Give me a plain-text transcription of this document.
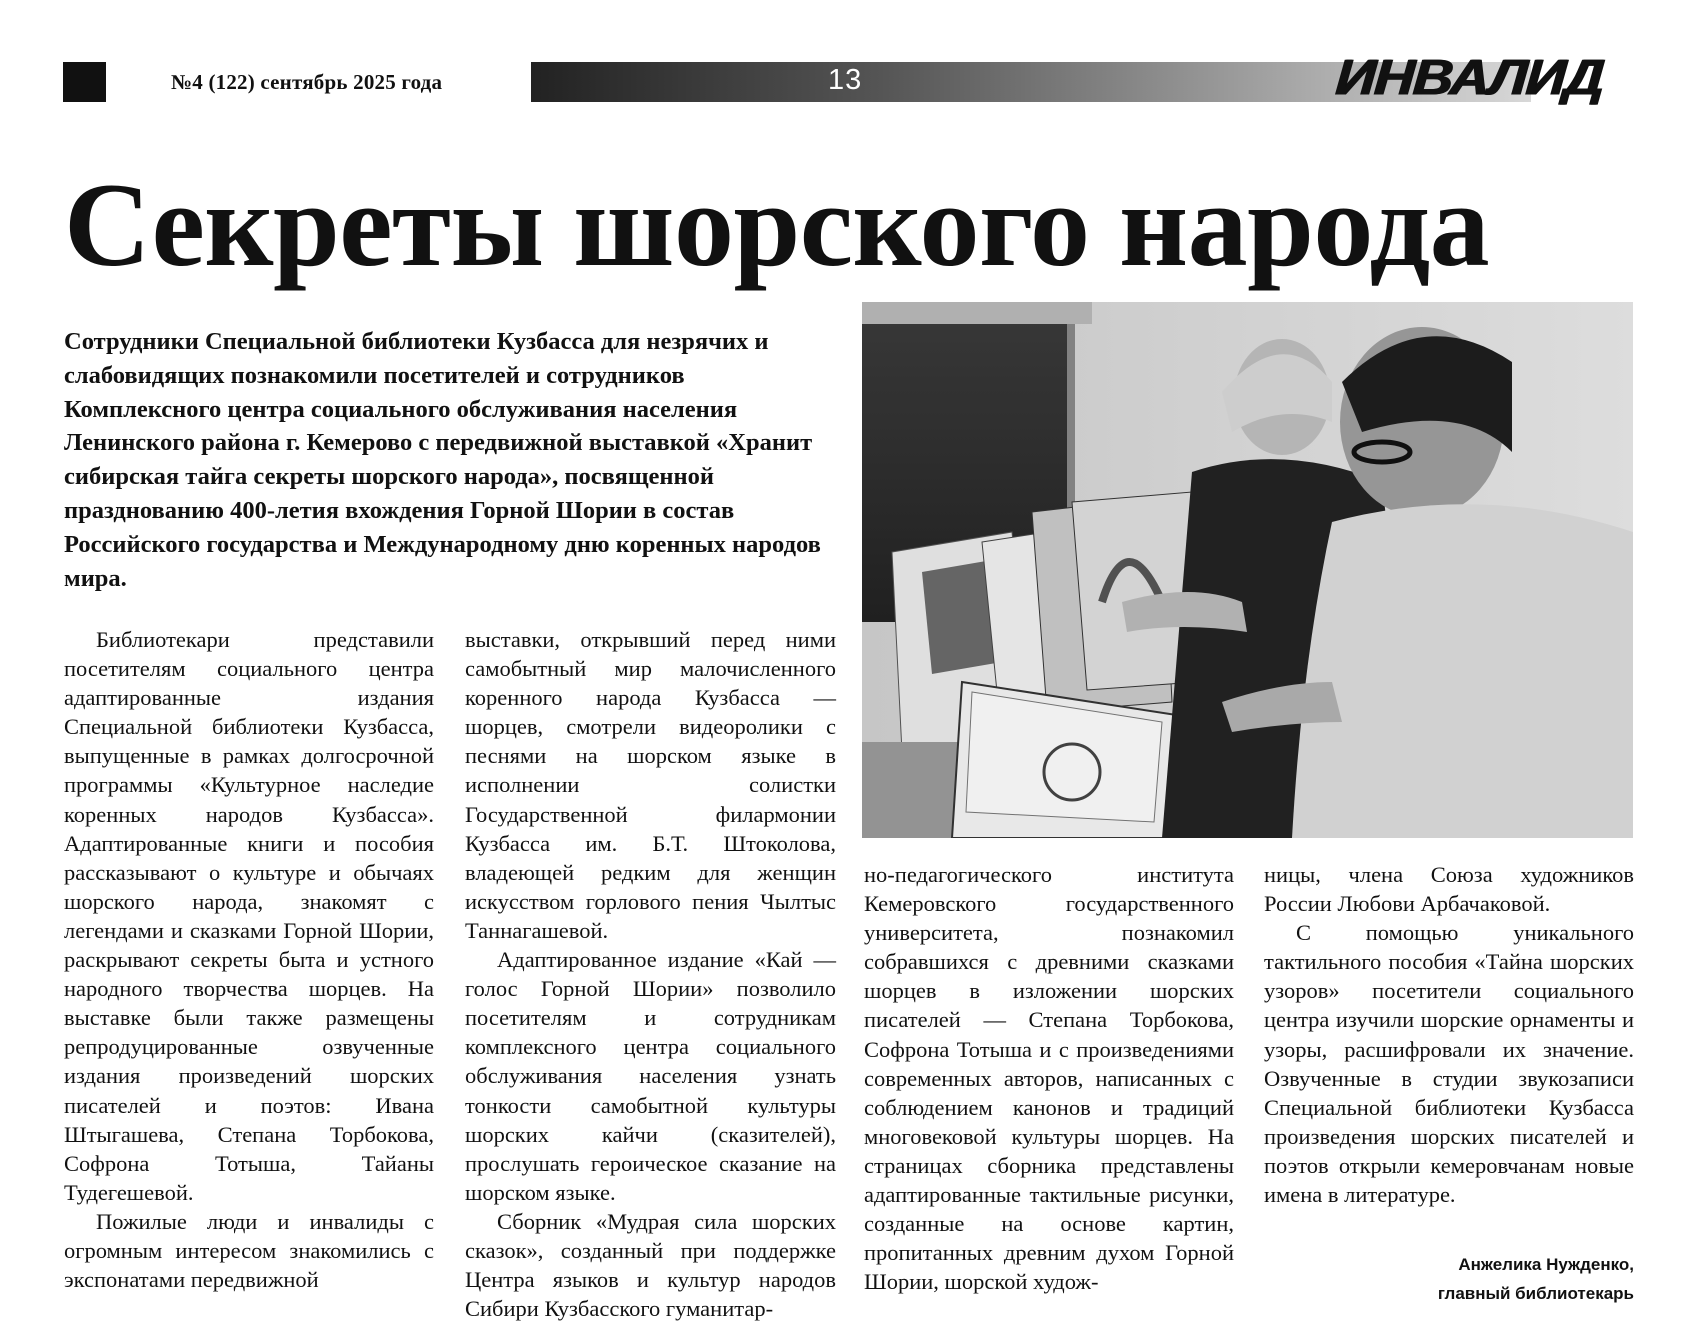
№4 (122) сентябрь 2025 года	13	ИНВАЛИД
Секреты шорского народа
Сотрудники Специальной библиотеки Кузбасса для незрячих и слабовидящих познакомили посетителей и сотрудников Комплексного центра социального обслуживания населения Ленинского района г. Кемерово с передвижной выставкой «Хранит сибирская тайга секреты шорского народа», посвященной празднованию 400-летия вхождения Горной Шории в состав Российского государства и Международному дню коренных народов мира.

Библиотекари представили посетителям социального центра адаптированные издания Специальной библиотеки Кузбасса, выпущенные в рамках долгосрочной программы «Культурное наследие коренных народов Кузбасса». Адаптированные книги и пособия рассказывают о культуре и обычаях шорского народа, знакомят с легендами и сказками Горной Шории, раскрывают секреты быта и устного народного творчества шорцев. На выставке были также размещены репродуцированные озвученные издания произведений шорских писателей и поэтов: Ивана Штыгашева, Степана Торбокова, Софрона Тотыша, Тайаны Тудегешевой.

Пожилые люди и инвалиды с огромным интересом знакомились с экспонатами передвижной

выставки, открывший перед ними самобытный мир малочисленного коренного народа Кузбасса — шорцев, смотрели видеоролики с песнями на шорском языке в исполнении солистки Государственной филармонии Кузбасса им. Б.Т. Штоколова, владеющей редким для женщин искусством горлового пения Чылтыс Таннагашевой.

Адаптированное издание «Кай — голос Горной Шории» позволило посетителям и сотрудникам комплексного центра социального обслуживания населения узнать тонкости самобытной культуры шорских кайчи (сказителей), прослушать героическое сказание на шорском языке.

Сборник «Мудрая сила шорских сказок», созданный при поддержке Центра языков и культур народов Сибири Кузбасского гуманитар-

но-педагогического института Кемеровского государственного университета, познакомил собравшихся с древними сказками шорцев в изложении шорских писателей — Степана Торбокова, Софрона Тотыша и с произведениями современных авторов, написанных с соблюдением канонов и традиций многовековой культуры шорцев. На страницах сборника представлены адаптированные тактильные рисунки, созданные на основе картин, пропитанных древним духом Горной Шории, шорской худож-

ницы, члена Союза художников России Любови Арбачаковой.

С помощью уникального тактильного пособия «Тайна шорских узоров» посетители социального центра изучили шорские орнаменты и узоры, расшифровали их значение. Озвученные в студии звукозаписи Специальной библиотеки Кузбасса произведения шорских писателей и поэтов открыли кемеровчанам новые имена в литературе.

Анжелика Нужденко,
главный библиотекарь
